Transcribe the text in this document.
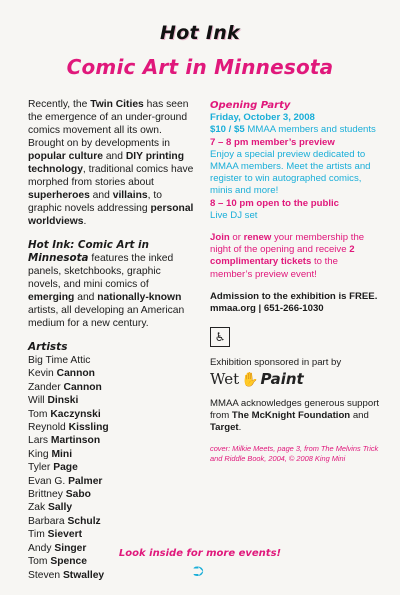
Hot Ink
Comic Art in Minnesota

Recently, the Twin Cities has seen the emergence of an under-ground comics movement all its own. Brought on by developments in popular culture and DIY printing technology, traditional comics have morphed from stories about superheroes and villains, to graphic novels addressing personal worldviews.

Hot Ink: Comic Art in Minnesota features the inked panels, sketchbooks, graphic novels, and mini comics of emerging and nationally-known artists, all developing an American medium for a new century.

Artists
Big Time Attic
Kevin Cannon
Zander Cannon
Will Dinski
Tom Kaczynski
Reynold Kissling
Lars Martinson
King Mini
Tyler Page
Evan G. Palmer
Brittney Sabo
Zak Sally
Barbara Schulz
Tim Sievert
Andy Singer
Tom Spence
Steven Stwalley
Opening Party
Friday, October 3, 2008
$10 / $5 MMAA members and students
7 – 8 pm member’s preview
Enjoy a special preview dedicated to MMAA members. Meet the artists and register to win autographed comics, minis and more!
8 – 10 pm open to the public
Live DJ set
Join or renew your membership the night of the opening and receive 2 complimentary tickets to the member’s preview event!
Admission to the exhibition is FREE.
mmaa.org | 651-266-1030
♿
Exhibition sponsored in part by
Wet ✋ Paint
MMAA acknowledges generous support from The McKnight Foundation and Target.
cover: Milkie Meets, page 3, from The Melvins Trick and Riddle Book, 2004, © 2008 King Mini
Look inside for more events!
⮊
